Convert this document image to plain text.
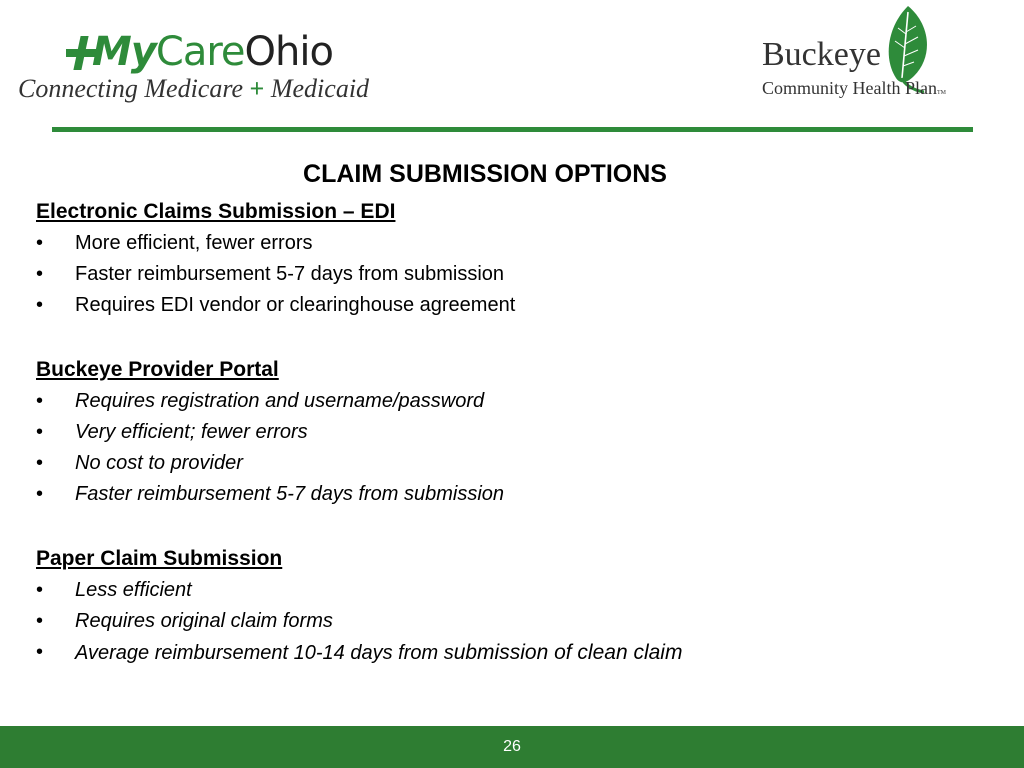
MyCareOhio
Connecting Medicare + Medicaid
Buckeye
Community Health PlanTM
CLAIM SUBMISSION OPTIONS
Electronic Claims Submission – EDI
• More efficient, fewer errors
• Faster reimbursement 5-7 days from submission
• Requires EDI vendor or clearinghouse agreement
Buckeye Provider Portal
• Requires registration and username/password
• Very efficient; fewer errors
• No cost to provider
• Faster reimbursement 5-7 days from submission
Paper Claim Submission
• Less efficient
• Requires original claim forms
• Average reimbursement 10-14 days from submission of clean claim
26
